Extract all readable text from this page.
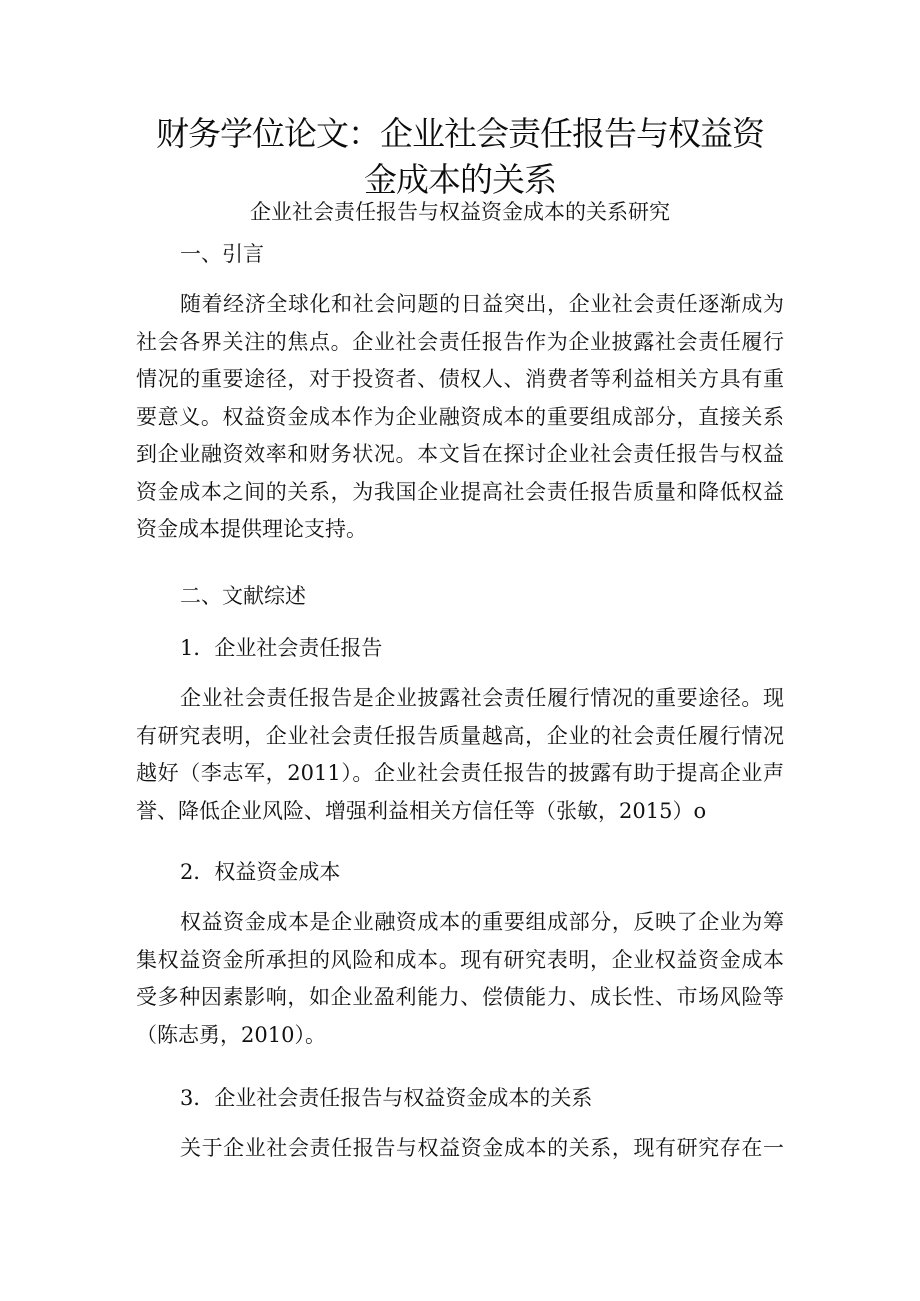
财务学位论文：企业社会责任报告与权益资
金成本的关系

企业社会责任报告与权益资金成本的关系研究

一、引言
随着经济全球化和社会问题的日益突出，企业社会责任逐渐成为
社会各界关注的焦点。企业社会责任报告作为企业披露社会责任履行
情况的重要途径，对于投资者、债权人、消费者等利益相关方具有重
要意义。权益资金成本作为企业融资成本的重要组成部分，直接关系
到企业融资效率和财务状况。本文旨在探讨企业社会责任报告与权益
资金成本之间的关系，为我国企业提高社会责任报告质量和降低权益
资金成本提供理论支持。
二、文献综述
1．企业社会责任报告
企业社会责任报告是企业披露社会责任履行情况的重要途径。现
有研究表明，企业社会责任报告质量越高，企业的社会责任履行情况
越好（李志军，2011）。企业社会责任报告的披露有助于提高企业声
誉、降低企业风险、增强利益相关方信任等（张敏，2015）o
2．权益资金成本
权益资金成本是企业融资成本的重要组成部分，反映了企业为筹
集权益资金所承担的风险和成本。现有研究表明，企业权益资金成本
受多种因素影响，如企业盈利能力、偿债能力、成长性、市场风险等
（陈志勇，2010）。
3．企业社会责任报告与权益资金成本的关系
关于企业社会责任报告与权益资金成本的关系，现有研究存在一
